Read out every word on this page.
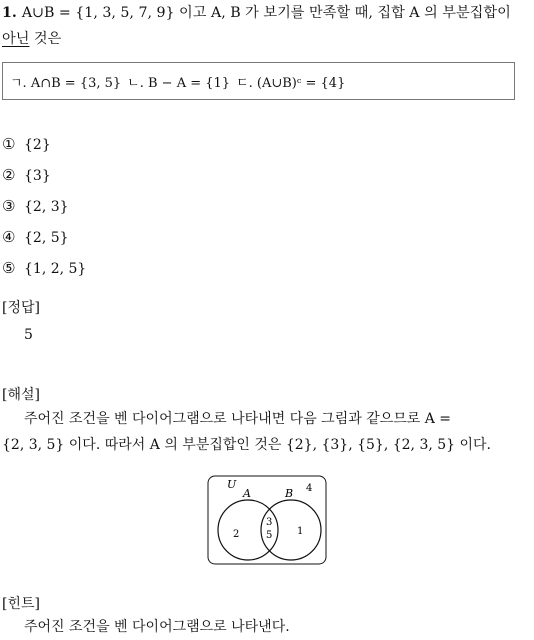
1. A∪B = {1, 3, 5, 7, 9} 이고 A, B 가 보기를 만족할 때, 집합 A 의 부분집합이
아닌 것은
ㄱ. A∩B = {3, 5} ㄴ. B − A = {1} ㄷ. (A∪B)ᶜ = {4}
① {2}
② {3}
③ {2, 3}
④ {2, 5}
⑤ {1, 2, 5}
[정답]
5
[해설]
주어진 조건을 벤 다이어그램으로 나타내면 다음 그림과 같으므로 A =
{2, 3, 5} 이다. 따라서 A 의 부분집합인 것은 {2}, {3}, {5}, {2, 3, 5} 이다.
U
A	B 4
2
3
5 1
[힌트]
주어진 조건을 벤 다이어그램으로 나타낸다.
